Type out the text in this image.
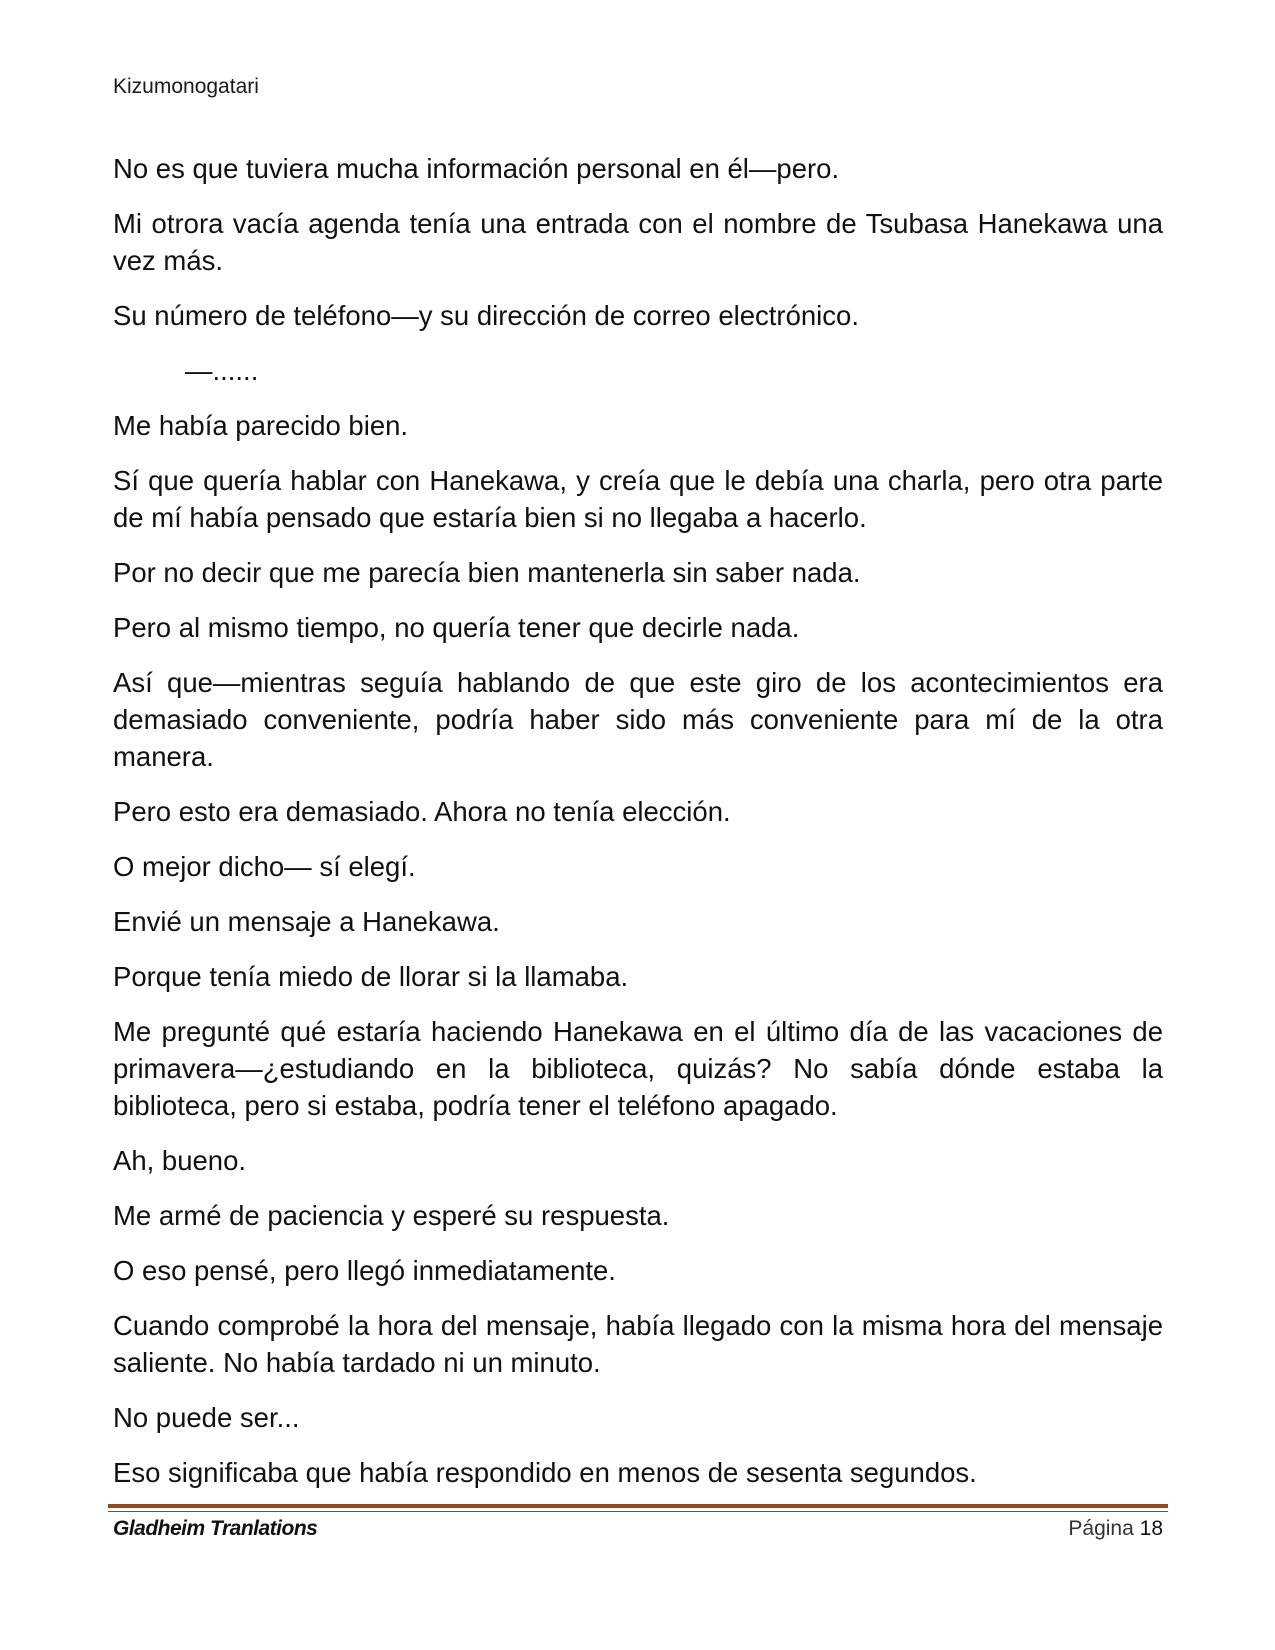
Kizumonogatari

No es que tuviera mucha información personal en él—pero.

Mi otrora vacía agenda tenía una entrada con el nombre de Tsubasa Hanekawa una vez más.

Su número de teléfono—y su dirección de correo electrónico.

—......

Me había parecido bien.

Sí que quería hablar con Hanekawa, y creía que le debía una charla, pero otra parte de mí había pensado que estaría bien si no llegaba a hacerlo.

Por no decir que me parecía bien mantenerla sin saber nada.

Pero al mismo tiempo, no quería tener que decirle nada.

Así que—mientras seguía hablando de que este giro de los acontecimientos era demasiado conveniente, podría haber sido más conveniente para mí de la otra manera.

Pero esto era demasiado. Ahora no tenía elección.

O mejor dicho— sí elegí.

Envié un mensaje a Hanekawa.

Porque tenía miedo de llorar si la llamaba.

Me pregunté qué estaría haciendo Hanekawa en el último día de las vacaciones de primavera—¿estudiando en la biblioteca, quizás? No sabía dónde estaba la biblioteca, pero si estaba, podría tener el teléfono apagado.

Ah, bueno.

Me armé de paciencia y esperé su respuesta.

O eso pensé, pero llegó inmediatamente.

Cuando comprobé la hora del mensaje, había llegado con la misma hora del mensaje saliente. No había tardado ni un minuto.

No puede ser...

Eso significaba que había respondido en menos de sesenta segundos.

Gladheim Tranlations	Página 18
